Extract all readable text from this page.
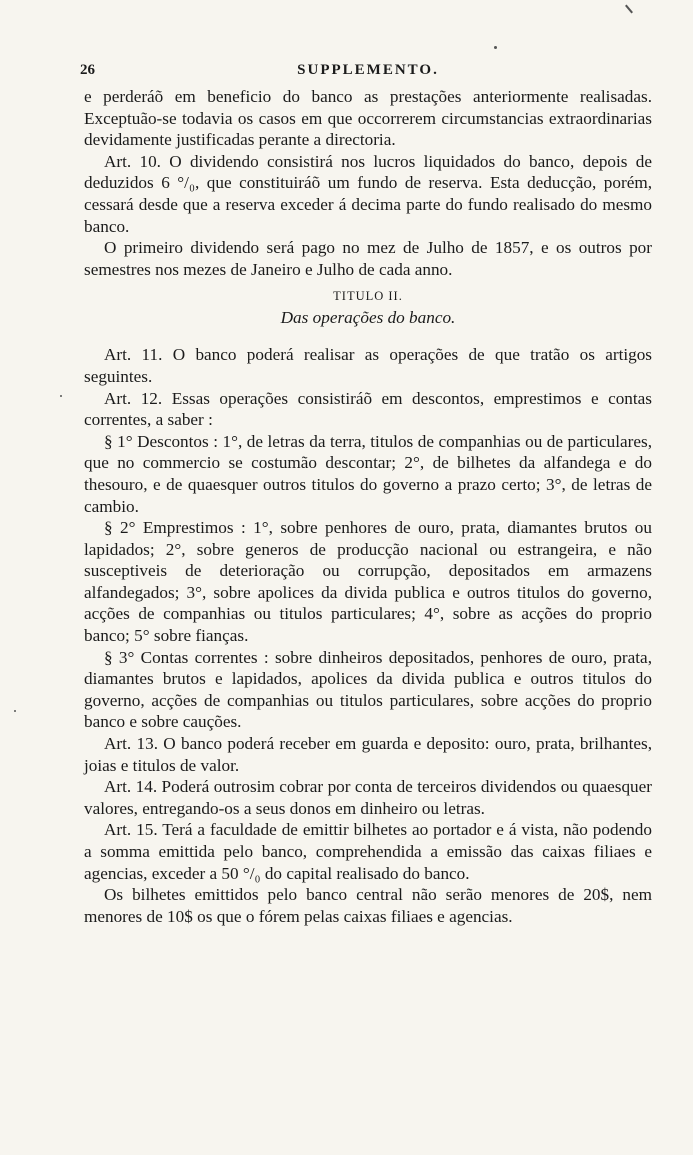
26	SUPPLEMENTO.

e perderáõ em beneficio do banco as prestações anteriormente realisadas. Exceptuão-se todavia os casos em que occorrerem circumstancias extraordinarias devidamente justificadas perante a directoria.

Art. 10. O dividendo consistirá nos lucros liquidados do banco, depois de deduzidos 6 °/₀, que constituiráõ um fundo de reserva. Esta deducção, porém, cessará desde que a reserva exceder á decima parte do fundo realisado do mesmo banco.

O primeiro dividendo será pago no mez de Julho de 1857, e os outros por semestres nos mezes de Janeiro e Julho de cada anno.

TITULO II.
Das operações do banco.

Art. 11. O banco poderá realisar as operações de que tratão os artigos seguintes.

Art. 12. Essas operações consistiráõ em descontos, emprestimos e contas correntes, a saber :

§ 1° Descontos : 1°, de letras da terra, titulos de companhias ou de particulares, que no commercio se costumão descontar; 2°, de bilhetes da alfandega e do thesouro, e de quaesquer outros titulos do governo a prazo certo; 3°, de letras de cambio.

§ 2° Emprestimos : 1°, sobre penhores de ouro, prata, diamantes brutos ou lapidados; 2°, sobre generos de producção nacional ou estrangeira, e não susceptiveis de deterioração ou corrupção, depositados em armazens alfandegados; 3°, sobre apolices da divida publica e outros titulos do governo, acções de companhias ou titulos particulares; 4°, sobre as acções do proprio banco; 5° sobre fianças.

§ 3° Contas correntes : sobre dinheiros depositados, penhores de ouro, prata, diamantes brutos e lapidados, apolices da divida publica e outros titulos do governo, acções de companhias ou titulos particulares, sobre acções do proprio banco e sobre cauções.

Art. 13. O banco poderá receber em guarda e deposito: ouro, prata, brilhantes, joias e titulos de valor.

Art. 14. Poderá outrosim cobrar por conta de terceiros dividendos ou quaesquer valores, entregando-os a seus donos em dinheiro ou letras.

Art. 15. Terá a faculdade de emittir bilhetes ao portador e á vista, não podendo a somma emittida pelo banco, comprehendida a emissão das caixas filiaes e agencias, exceder a 50 °/₀ do capital realisado do banco.

Os bilhetes emittidos pelo banco central não serão menores de 20$, nem menores de 10$ os que o fórem pelas caixas filiaes e agencias.
